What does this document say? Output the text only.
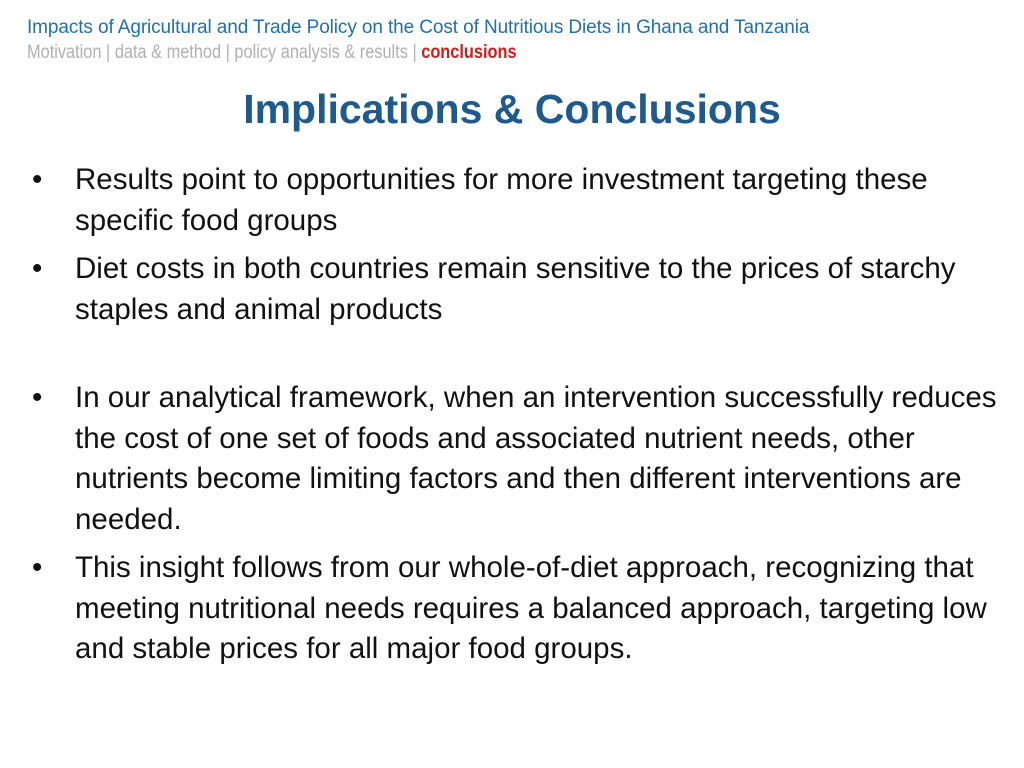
Impacts of Agricultural and Trade Policy on the Cost of Nutritious Diets in Ghana and Tanzania
Motivation | data & method | policy analysis & results | conclusions
Implications & Conclusions
• Results point to opportunities for more investment targeting these specific food groups
• Diet costs in both countries remain sensitive to the prices of starchy staples and animal products
• In our analytical framework, when an intervention successfully reduces the cost of one set of foods and associated nutrient needs, other nutrients become limiting factors and then different interventions are needed.
• This insight follows from our whole-of-diet approach, recognizing that meeting nutritional needs requires a balanced approach, targeting low and stable prices for all major food groups.
